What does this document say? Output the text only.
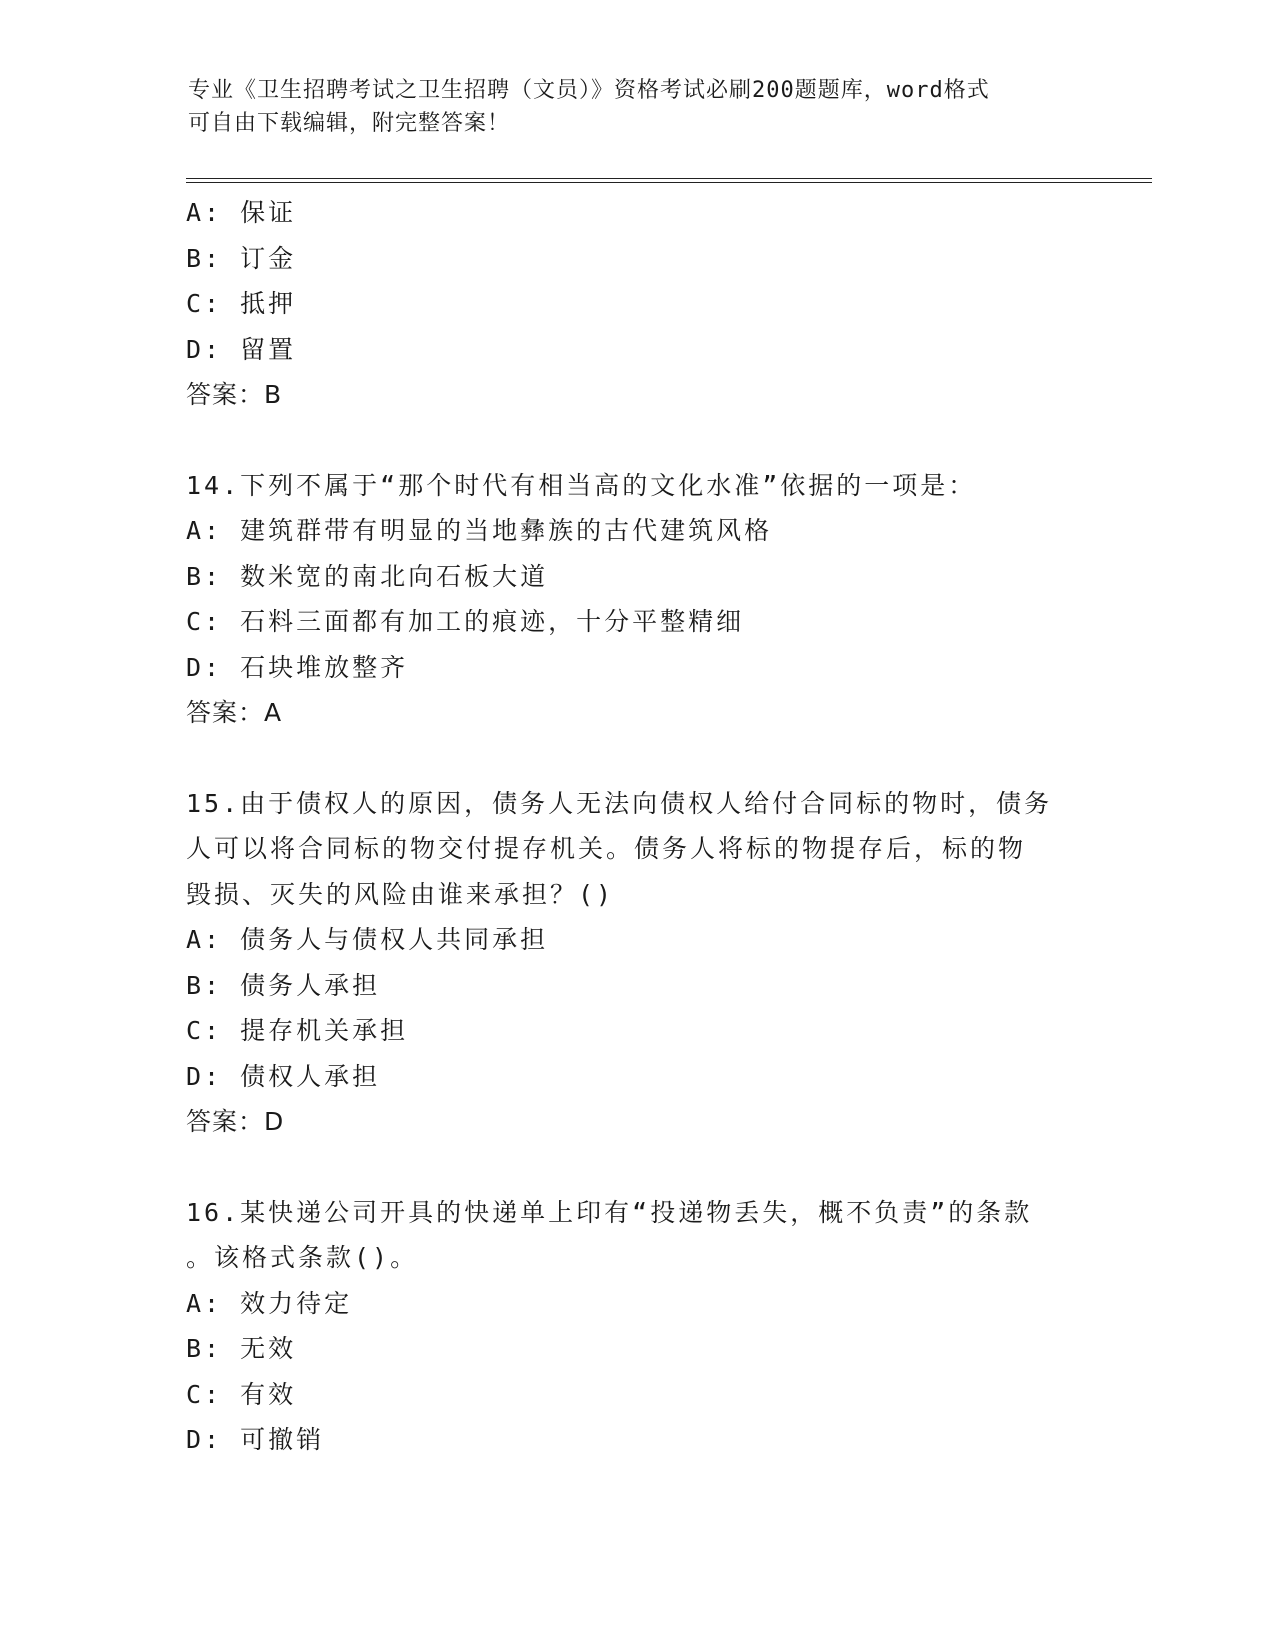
专业《卫生招聘考试之卫生招聘（文员）》资格考试必刷200题题库，word格式
可自由下载编辑，附完整答案！
A: 保证
B: 订金
C: 抵押
D: 留置
答案：B
14.下列不属于“那个时代有相当高的文化水准”依据的一项是：
A: 建筑群带有明显的当地彝族的古代建筑风格
B: 数米宽的南北向石板大道
C: 石料三面都有加工的痕迹，十分平整精细
D: 石块堆放整齐
答案：A
15.由于债权人的原因，债务人无法向债权人给付合同标的物时，债务
人可以将合同标的物交付提存机关。债务人将标的物提存后，标的物
毁损、灭失的风险由谁来承担？()
A: 债务人与债权人共同承担
B: 债务人承担
C: 提存机关承担
D: 债权人承担
答案：D
16.某快递公司开具的快递单上印有“投递物丢失，概不负责”的条款
。该格式条款()。
A: 效力待定
B: 无效
C: 有效
D: 可撤销
